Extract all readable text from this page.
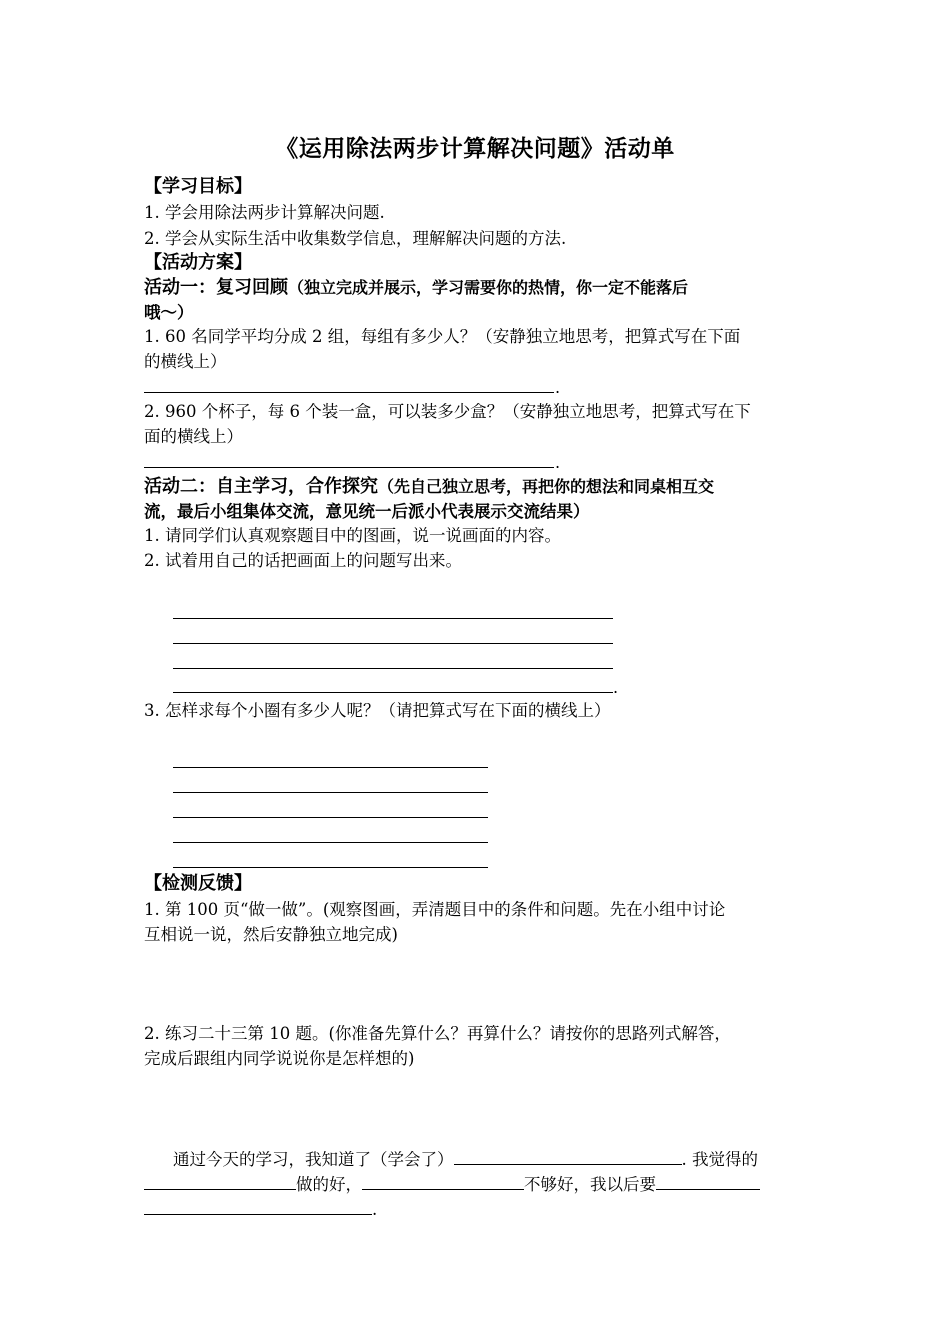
《运用除法两步计算解决问题》活动单
【学习目标】
1. 学会用除法两步计算解决问题.
2. 学会从实际生活中收集数学信息，理解解决问题的方法.
【活动方案】
活动一：复习回顾（独立完成并展示，学习需要你的热情，你一定不能落后
哦～）
1. 60 名同学平均分成 2 组，每组有多少人？（安静独立地思考，把算式写在下面
的横线上）
.
2. 960 个杯子，每 6 个装一盒，可以装多少盒？（安静独立地思考，把算式写在下
面的横线上）
.
活动二：自主学习，合作探究（先自己独立思考，再把你的想法和同桌相互交
流，最后小组集体交流，意见统一后派小代表展示交流结果）
1. 请同学们认真观察题目中的图画，说一说画面的内容。
2. 试着用自己的话把画面上的问题写出来。
.
3. 怎样求每个小圈有多少人呢？（请把算式写在下面的横线上）
【检测反馈】
1. 第 100 页“做一做”。(观察图画，弄清题目中的条件和问题。先在小组中讨论
互相说一说，然后安静独立地完成)
2. 练习二十三第 10 题。(你准备先算什么？再算什么？请按你的思路列式解答，
完成后跟组内同学说说你是怎样想的)
通过今天的学习，我知道了（学会了）	. 我觉得的
做的好，	不够好，我以后要
.
